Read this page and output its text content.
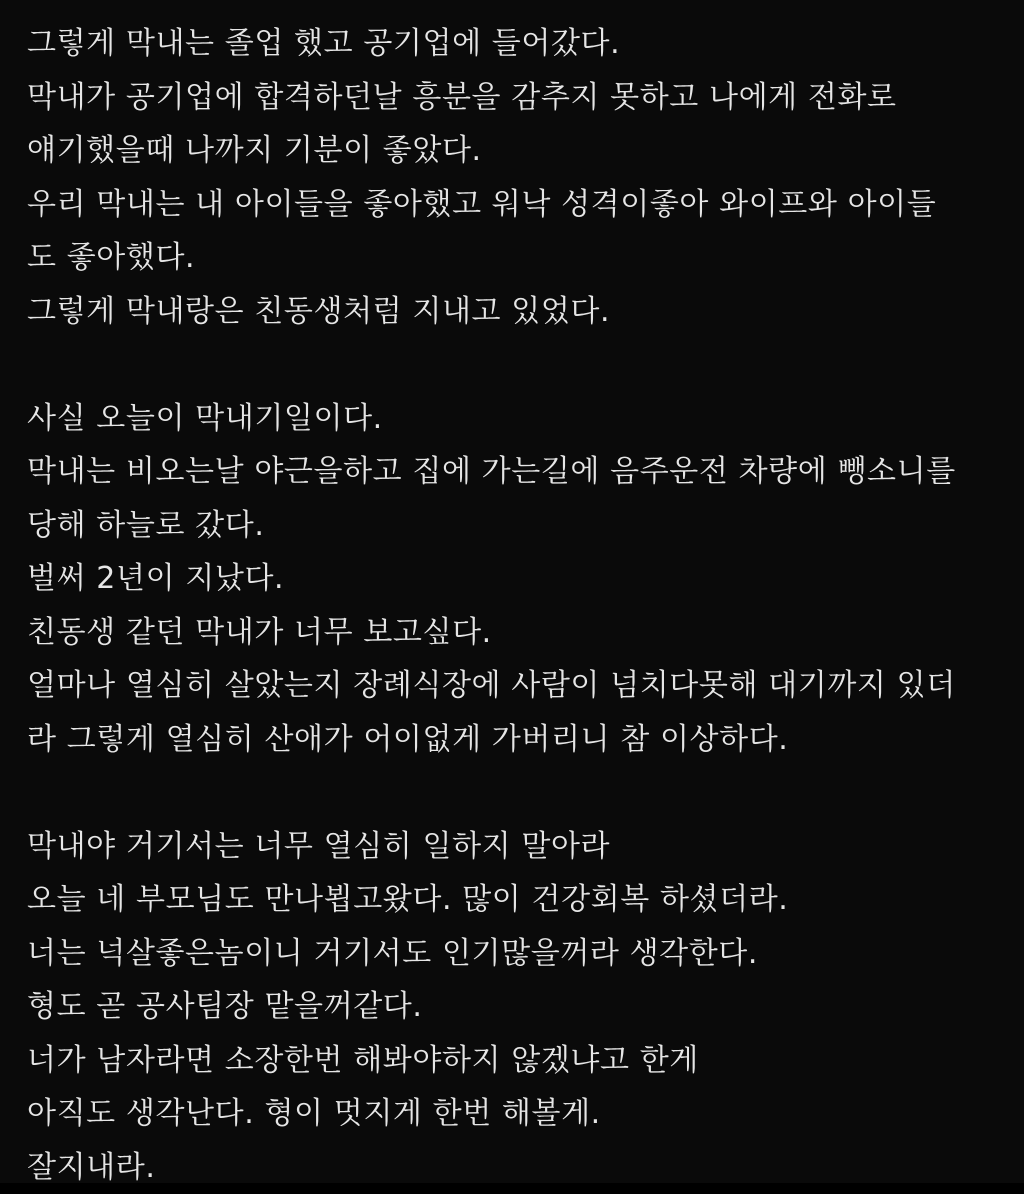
그렇게 막내는 졸업 했고 공기업에 들어갔다.
막내가 공기업에 합격하던날 흥분을 감추지 못하고 나에게 전화로
얘기했을때 나까지 기분이 좋았다.
우리 막내는 내 아이들을 좋아했고 워낙 성격이좋아 와이프와 아이들
도 좋아했다.
그렇게 막내랑은 친동생처럼 지내고 있었다.
사실 오늘이 막내기일이다.
막내는 비오는날 야근을하고 집에 가는길에 음주운전 차량에 뺑소니를
당해 하늘로 갔다.
벌써 2년이 지났다.
친동생 같던 막내가 너무 보고싶다.
얼마나 열심히 살았는지 장례식장에 사람이 넘치다못해 대기까지 있더
라 그렇게 열심히 산애가 어이없게 가버리니 참 이상하다.
막내야 거기서는 너무 열심히 일하지 말아라
오늘 네 부모님도 만나뵙고왔다. 많이 건강회복 하셨더라.
너는 넉살좋은놈이니 거기서도 인기많을꺼라 생각한다.
형도 곧 공사팀장 맡을꺼같다.
너가 남자라면 소장한번 해봐야하지 않겠냐고 한게
아직도 생각난다. 형이 멋지게 한번 해볼게.
잘지내라.
